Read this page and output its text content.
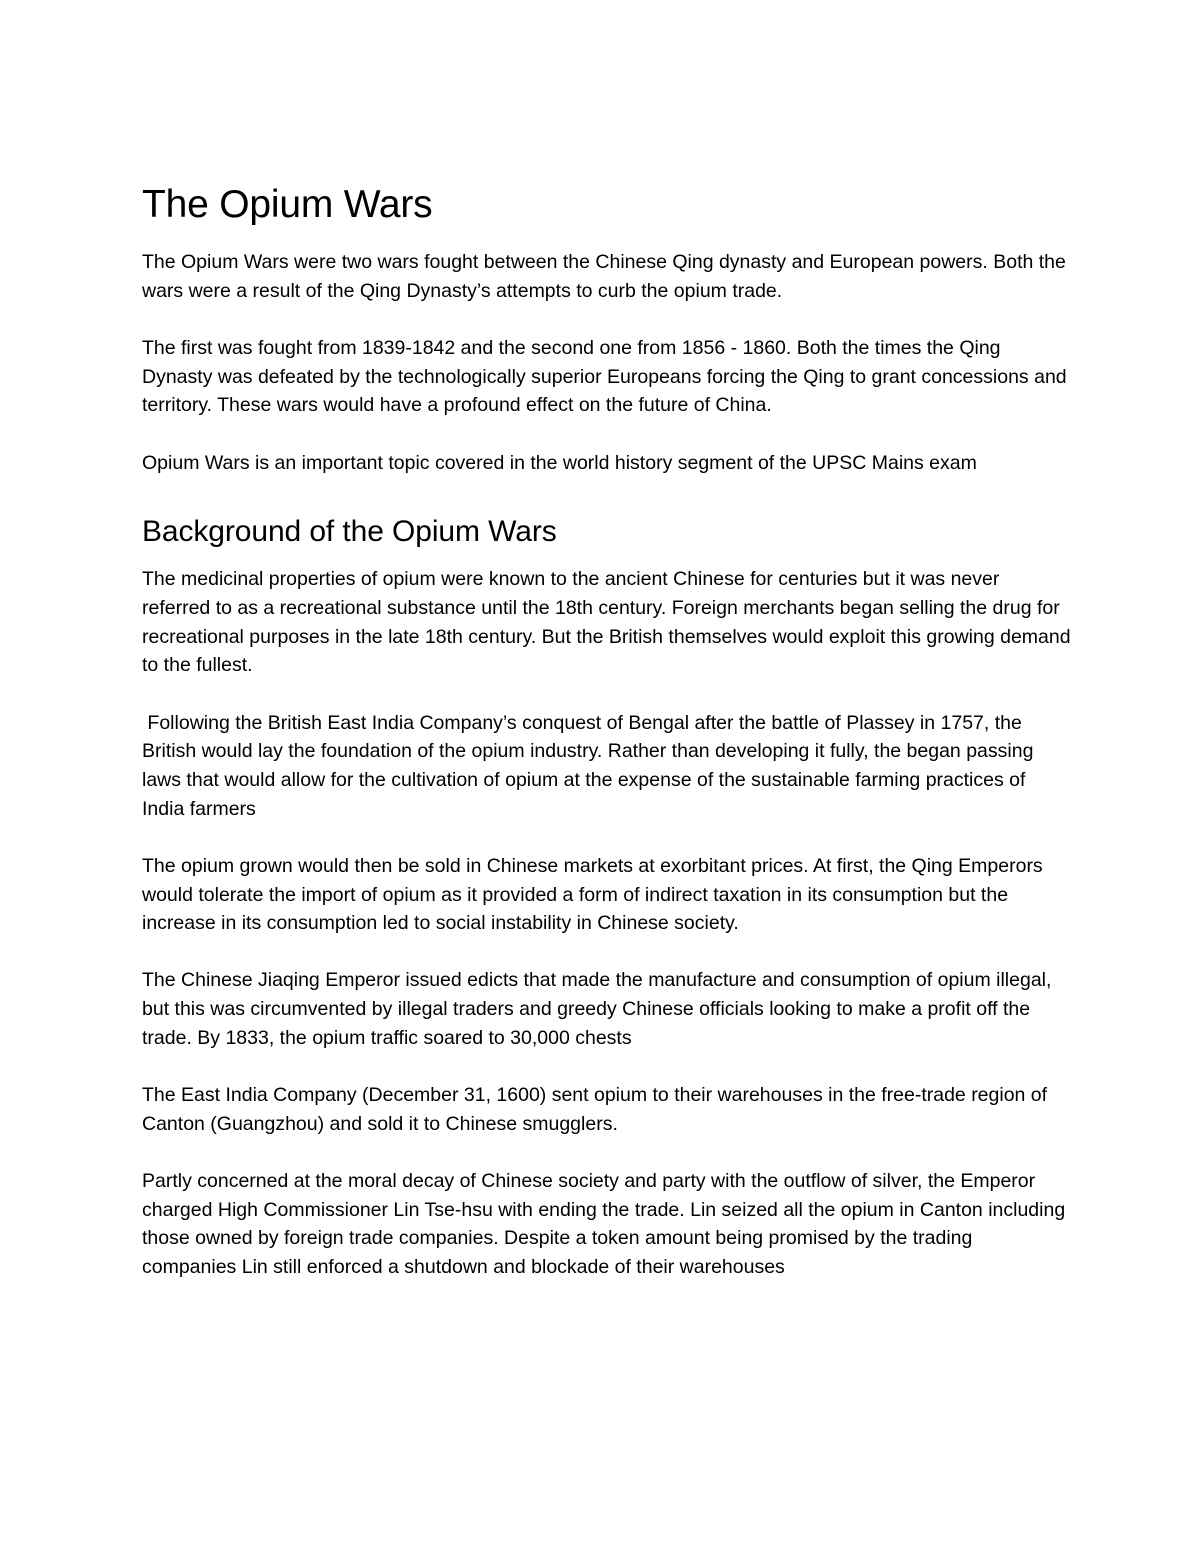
The Opium Wars

The Opium Wars were two wars fought between the Chinese Qing dynasty and European powers. Both the wars were a result of the Qing Dynasty’s attempts to curb the opium trade.

The first was fought from 1839-1842 and the second one from 1856 - 1860. Both the times the Qing Dynasty was defeated by the technologically superior Europeans forcing the Qing to grant concessions and territory. These wars would have a profound effect on the future of China.

Opium Wars is an important topic covered in the world history segment of the UPSC Mains exam

Background of the Opium Wars

The medicinal properties of opium were known to the ancient Chinese for centuries but it was never referred to as a recreational substance until the 18th century. Foreign merchants began selling the drug for recreational purposes in the late 18th century. But the British themselves would exploit this growing demand to the fullest.

Following the British East India Company’s conquest of Bengal after the battle of Plassey in 1757, the British would lay the foundation of the opium industry. Rather than developing it fully, the began passing laws that would allow for the cultivation of opium at the expense of the sustainable farming practices of India farmers

The opium grown would then be sold in Chinese markets at exorbitant prices. At first, the Qing Emperors would tolerate the import of opium as it provided a form of indirect taxation in its consumption but the increase in its consumption led to social instability in Chinese society.

The Chinese Jiaqing Emperor issued edicts that made the manufacture and consumption of opium illegal, but this was circumvented by illegal traders and greedy Chinese officials looking to make a profit off the trade. By 1833, the opium traffic soared to 30,000 chests

The East India Company (December 31, 1600) sent opium to their warehouses in the free-trade region of Canton (Guangzhou) and sold it to Chinese smugglers.

Partly concerned at the moral decay of Chinese society and party with the outflow of silver, the Emperor charged High Commissioner Lin Tse-hsu with ending the trade. Lin seized all the opium in Canton including those owned by foreign trade companies. Despite a token amount being promised by the trading companies Lin still enforced a shutdown and blockade of their warehouses
